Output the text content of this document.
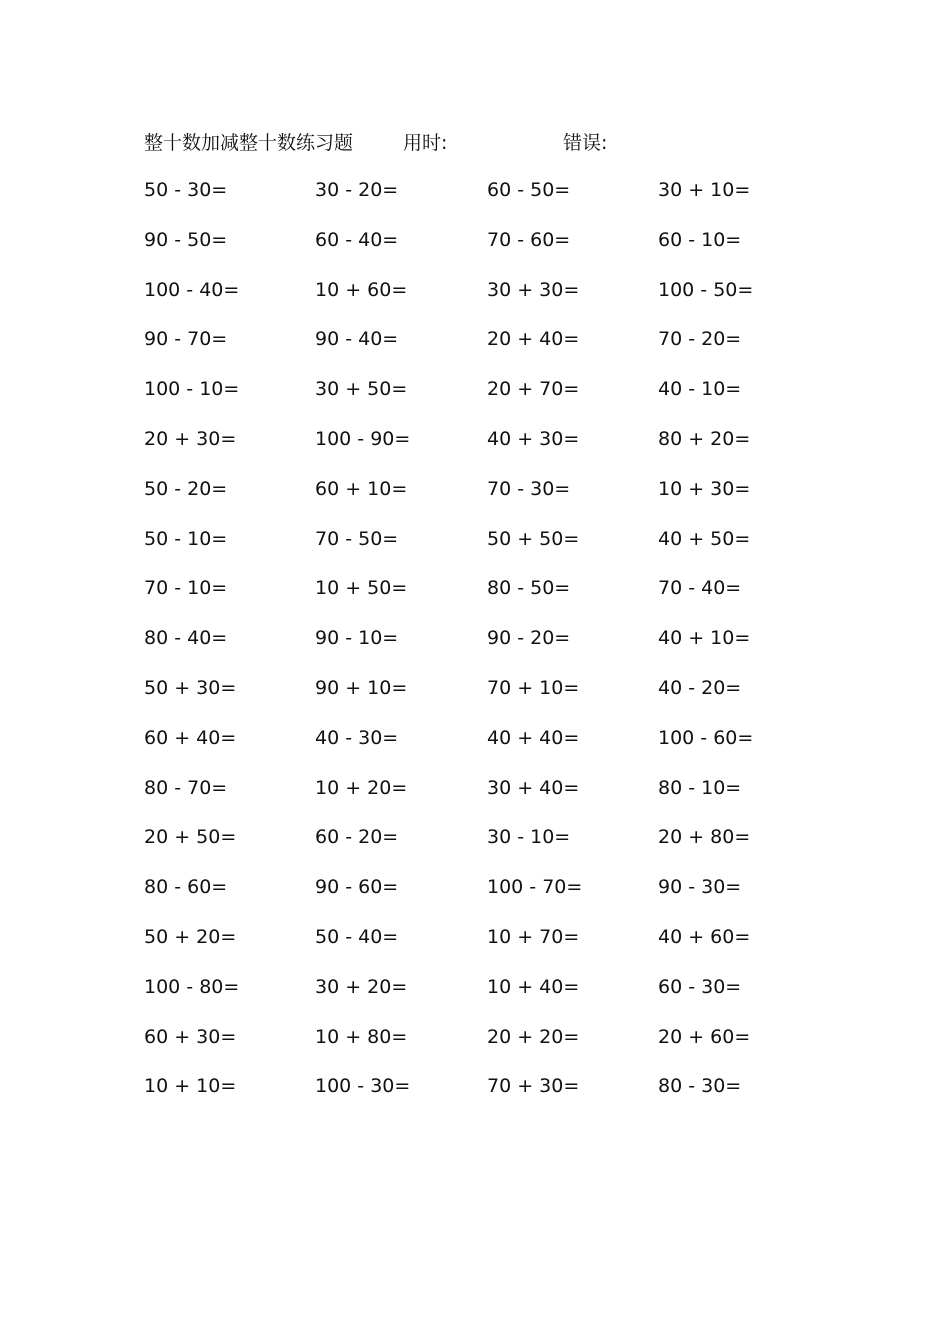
整十数加减整十数练习题	用时:	错误:
50 - 30=	30 - 20=	60 - 50=	30 + 10=
90 - 50=	60 - 40=	70 - 60=	60 - 10=
100 - 40=	10 + 60=	30 + 30=	100 - 50=
90 - 70=	90 - 40=	20 + 40=	70 - 20=
100 - 10=	30 + 50=	20 + 70=	40 - 10=
20 + 30=	100 - 90=	40 + 30=	80 + 20=
50 - 20=	60 + 10=	70 - 30=	10 + 30=
50 - 10=	70 - 50=	50 + 50=	40 + 50=
70 - 10=	10 + 50=	80 - 50=	70 - 40=
80 - 40=	90 - 10=	90 - 20=	40 + 10=
50 + 30=	90 + 10=	70 + 10=	40 - 20=
60 + 40=	40 - 30=	40 + 40=	100 - 60=
80 - 70=	10 + 20=	30 + 40=	80 - 10=
20 + 50=	60 - 20=	30 - 10=	20 + 80=
80 - 60=	90 - 60=	100 - 70=	90 - 30=
50 + 20=	50 - 40=	10 + 70=	40 + 60=
100 - 80=	30 + 20=	10 + 40=	60 - 30=
60 + 30=	10 + 80=	20 + 20=	20 + 60=
10 + 10=	100 - 30=	70 + 30=	80 - 30=
